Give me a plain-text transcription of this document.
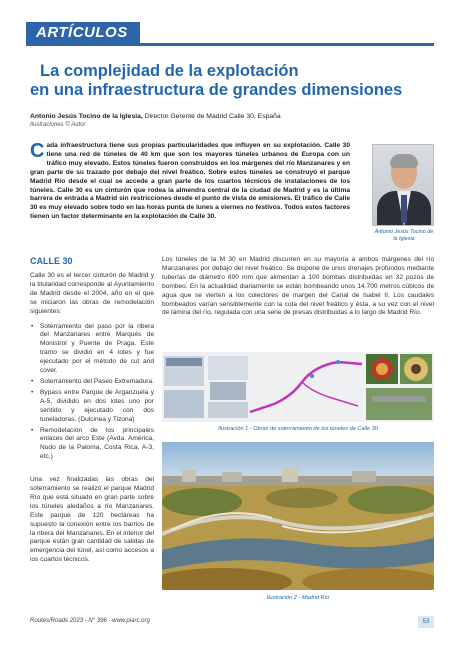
ARTÍCULOS
La complejidad de la explotación
en una infraestructura de grandes dimensiones
Antonio Jesús Tocino de la Iglesia, Director Gerente de Madrid Calle 30, España
Ilustraciones © Autor

Cada infraestructura tiene sus propias particularidades que influyen en su explotación. Calle 30 tiene una red de túneles de 40 km que son los mayores túneles urbanos de Europa con un tráfico muy elevado. Estos túneles fueron construidos en los márgenes del río Manzanares y en gran parte de su trazado por debajo del nivel freático. Sobre estos túneles se construyó el parque Madrid Río desde el cual se accede a gran parte de los cuartos técnicos de instalaciones de los túneles. Calle 30 es un cinturón que rodea la almendra central de la ciudad de Madrid y es la última barrera de entrada a Madrid sin restricciones desde el punto de vista de emisiones. El tráfico de Calle 30 es muy elevado sobre todo en las horas punta de lunes a viernes no festivos. Todos estos factores tienen un factor determinante en la explotación de Calle 30.

Antonio Jesús Tocino de la Iglesia
CALLE 30

Calle 30 es el tercer cinturón de Madrid y la titularidad corresponde al Ayuntamiento de Madrid desde el 2004, año en el que se iniciaron las obras de remodelación siguientes:

• Soterramiento del paso por la ribera del Manzanares entre Marqués de Monistrol y Puente de Praga. Este tramo se dividió en 4 lotes y fue ejecutado por el método de cut and cover.
• Soterramiento del Paseo Extremadura.
• Bypass entre Parque de Arganzuela y A-5, dividido en dos lotes uno por sentido y ejecutado con dos tuneladoras. (Dulcinea y Tizona)
• Remodelación de los principales enlaces del arco Este (Avda. América, Nudo de la Paloma, Costa Rica, A-3, etc.)

Una vez finalizadas las obras del soterramiento se realizó el parque Madrid Río que está situado en gran parte sobre los túneles aledaños a río Manzanares. Este parque de 120 hectáreas ha supuesto la conexión entre los barrios de la ribera del Manzanares. En el interior del parque están gran cantidad de salidas de emergencia del túnel, así como accesos a los cuartos técnicos.

Los túneles de la M 30 en Madrid discurren en su mayoría a ambos márgenes del río Manzanares por debajo del nivel freático. Se dispone de unos drenajes profundos mediante tuberías de diámetro 800 mm que alimentan a 100 bombas distribuidas en 32 pozos de bombeo. En la actualidad diariamente se están bombeando unos 14.700 metros cúbicos de agua que se vierten a los colectores de margen del Canal de Isabel II. Los caudales bombeados varían sensiblemente con la cota del nivel freático y ésta, a su vez con el nivel de lámina del río, regulada con una serie de presas distribuidas a lo largo de Madrid Río.

Ilustración 1 - Obras de soterramiento de los túneles de Calle 30
Ilustración 2 - Madrid Río
Routes/Roads 2023 - N° 396 - www.piarc.org	53
